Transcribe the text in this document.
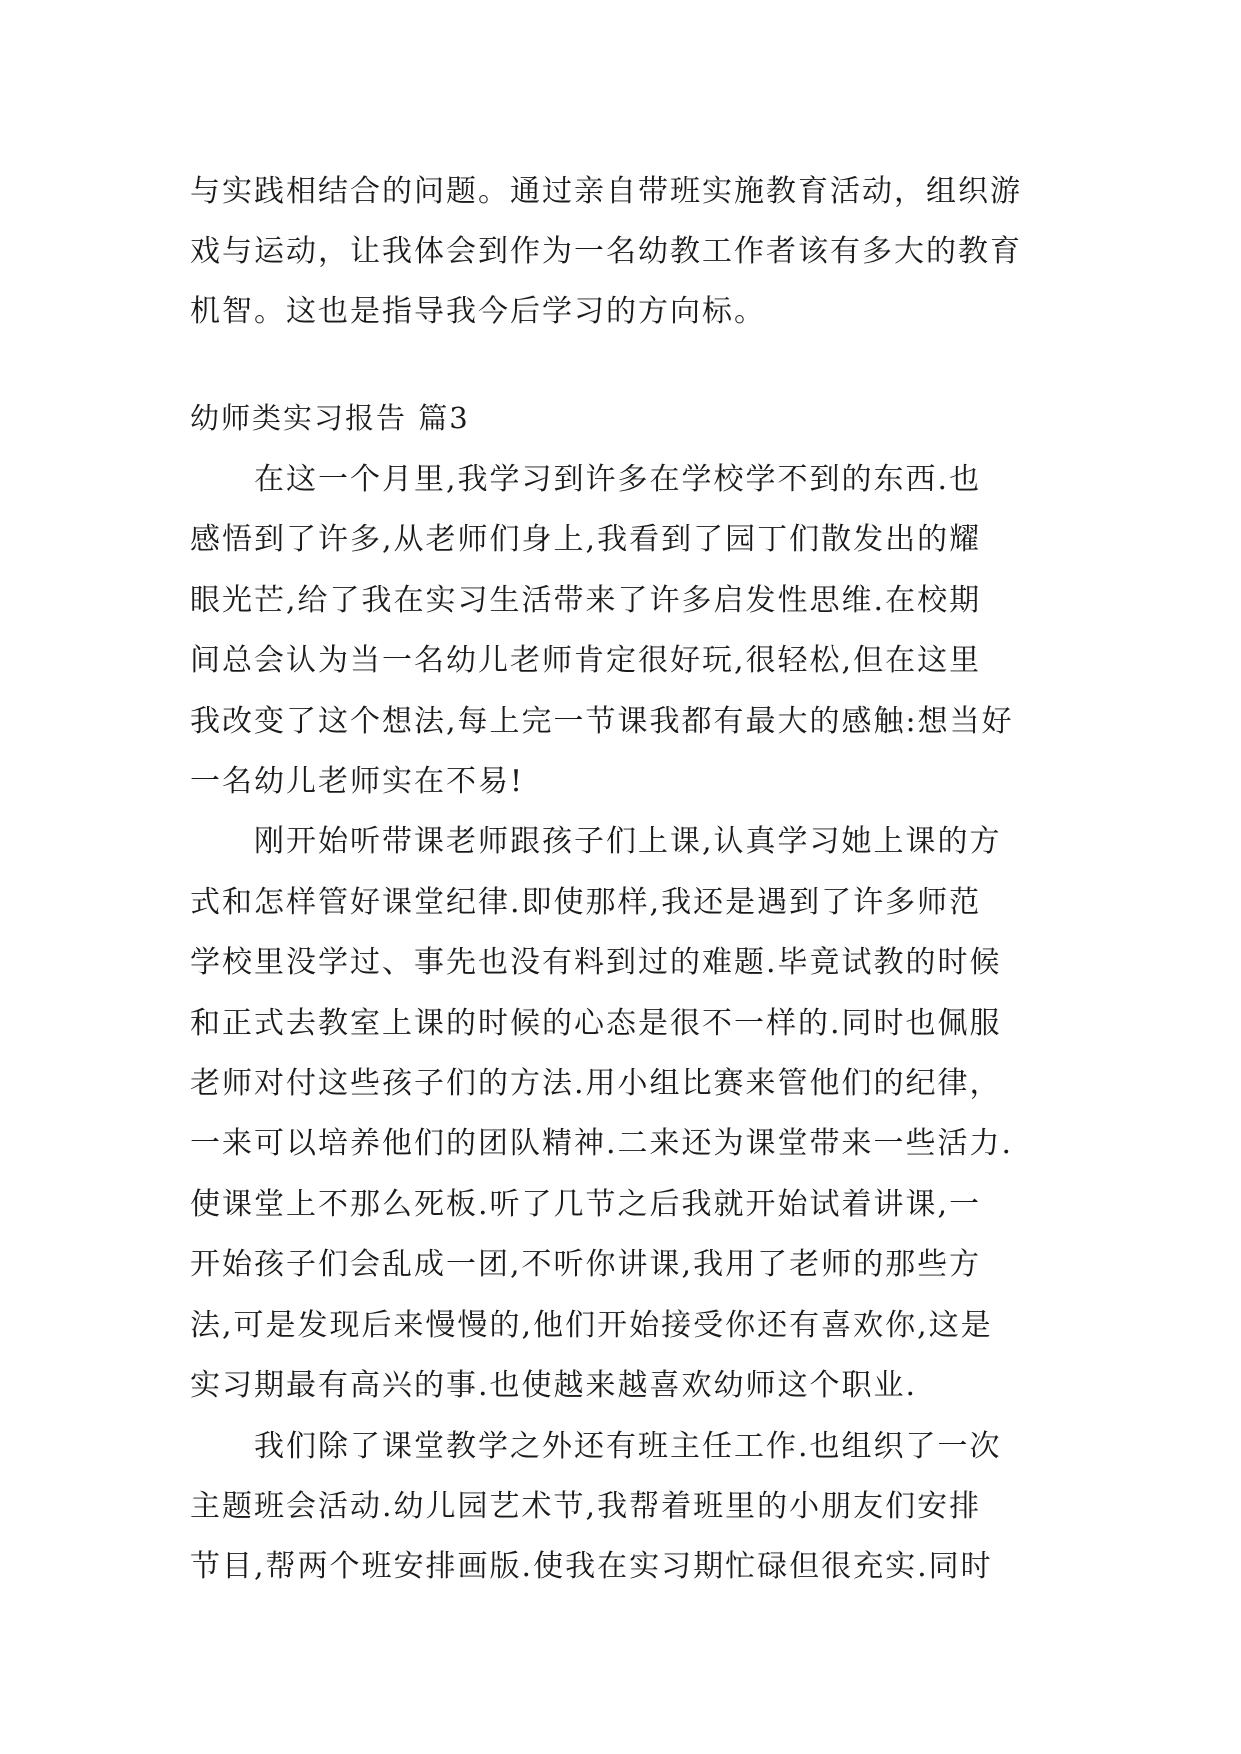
与实践相结合的问题。通过亲自带班实施教育活动，组织游

戏与运动，让我体会到作为一名幼教工作者该有多大的教育

机智。这也是指导我今后学习的方向标。

幼师类实习报告 篇3

　　在这一个月里,我学习到许多在学校学不到的东西.也

感悟到了许多,从老师们身上,我看到了园丁们散发出的耀

眼光芒,给了我在实习生活带来了许多启发性思维.在校期

间总会认为当一名幼儿老师肯定很好玩,很轻松,但在这里

我改变了这个想法,每上完一节课我都有最大的感触:想当好

一名幼儿老师实在不易!

　　刚开始听带课老师跟孩子们上课,认真学习她上课的方

式和怎样管好课堂纪律.即使那样,我还是遇到了许多师范

学校里没学过、事先也没有料到过的难题.毕竟试教的时候

和正式去教室上课的时候的心态是很不一样的.同时也佩服

老师对付这些孩子们的方法.用小组比赛来管他们的纪律，

一来可以培养他们的团队精神.二来还为课堂带来一些活力.

使课堂上不那么死板.听了几节之后我就开始试着讲课,一

开始孩子们会乱成一团,不听你讲课,我用了老师的那些方

法,可是发现后来慢慢的,他们开始接受你还有喜欢你,这是

实习期最有高兴的事.也使越来越喜欢幼师这个职业.

　　我们除了课堂教学之外还有班主任工作.也组织了一次

主题班会活动.幼儿园艺术节,我帮着班里的小朋友们安排

节目,帮两个班安排画版.使我在实习期忙碌但很充实.同时
